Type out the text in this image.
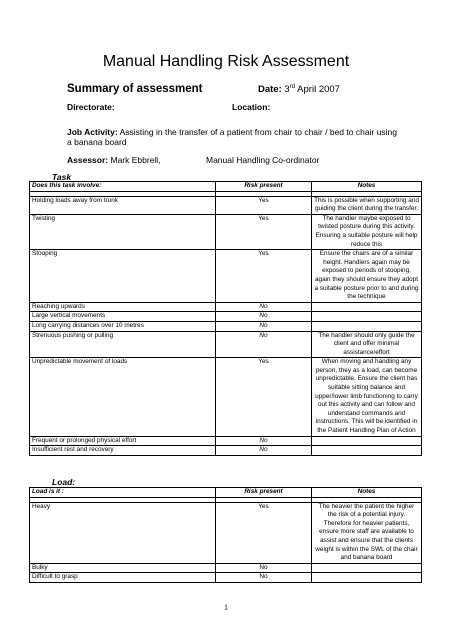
Manual Handling Risk Assessment
Summary of assessment	Date: 3rd April 2007
Directorate:	Location:
Job Activity: Assisting in the transfer of a patient from chair to chair / bed to chair using a banana board
Assessor: Mark Ebbrell,	Manual Handling Co-ordinator
Task
Does this task involve:	Risk present	Notes

Holding loads away from trunk	Yes	This is possible when supporting and guiding the client during the transfer.
Twisting	Yes	The handler maybe exposed to twisted posture during this activity. Ensuring a suitable posture will help reduce this
Stooping	Yes	Ensure the chairs are of a similar height. Handlers again may be exposed to periods of stooping, again they should ensure they adopt a suitable posture prior to and during the technique
Reaching upwards	No	
Large vertical movements	No	
Long carrying distances over 10 metres	No	
Strenuous pushing or pulling	No	The handler should only guide the client and offer minimal assistance/effort
Unpredictable movement of loads	Yes	When moving and handling any person, they as a load, can become unpredictable. Ensure the client has suitable sitting balance and upper/lower limb functioning to carry out this activity and can follow and understand commands and instructions. This will be identified in the Patient Handling Plan of Action
Frequent or prolonged physical effort	No	
Insufficient rest and recovery	No	
Load:
Load is it :	Risk present	Notes

Heavy	Yes	The heavier the patient the higher the risk of a potential injury. Therefore for heavier patients, ensure more staff are available to assist and ensure that the clients weight is within the SWL of the chair and banana board
Bulky	No	
Difficult to grasp	No	
1
